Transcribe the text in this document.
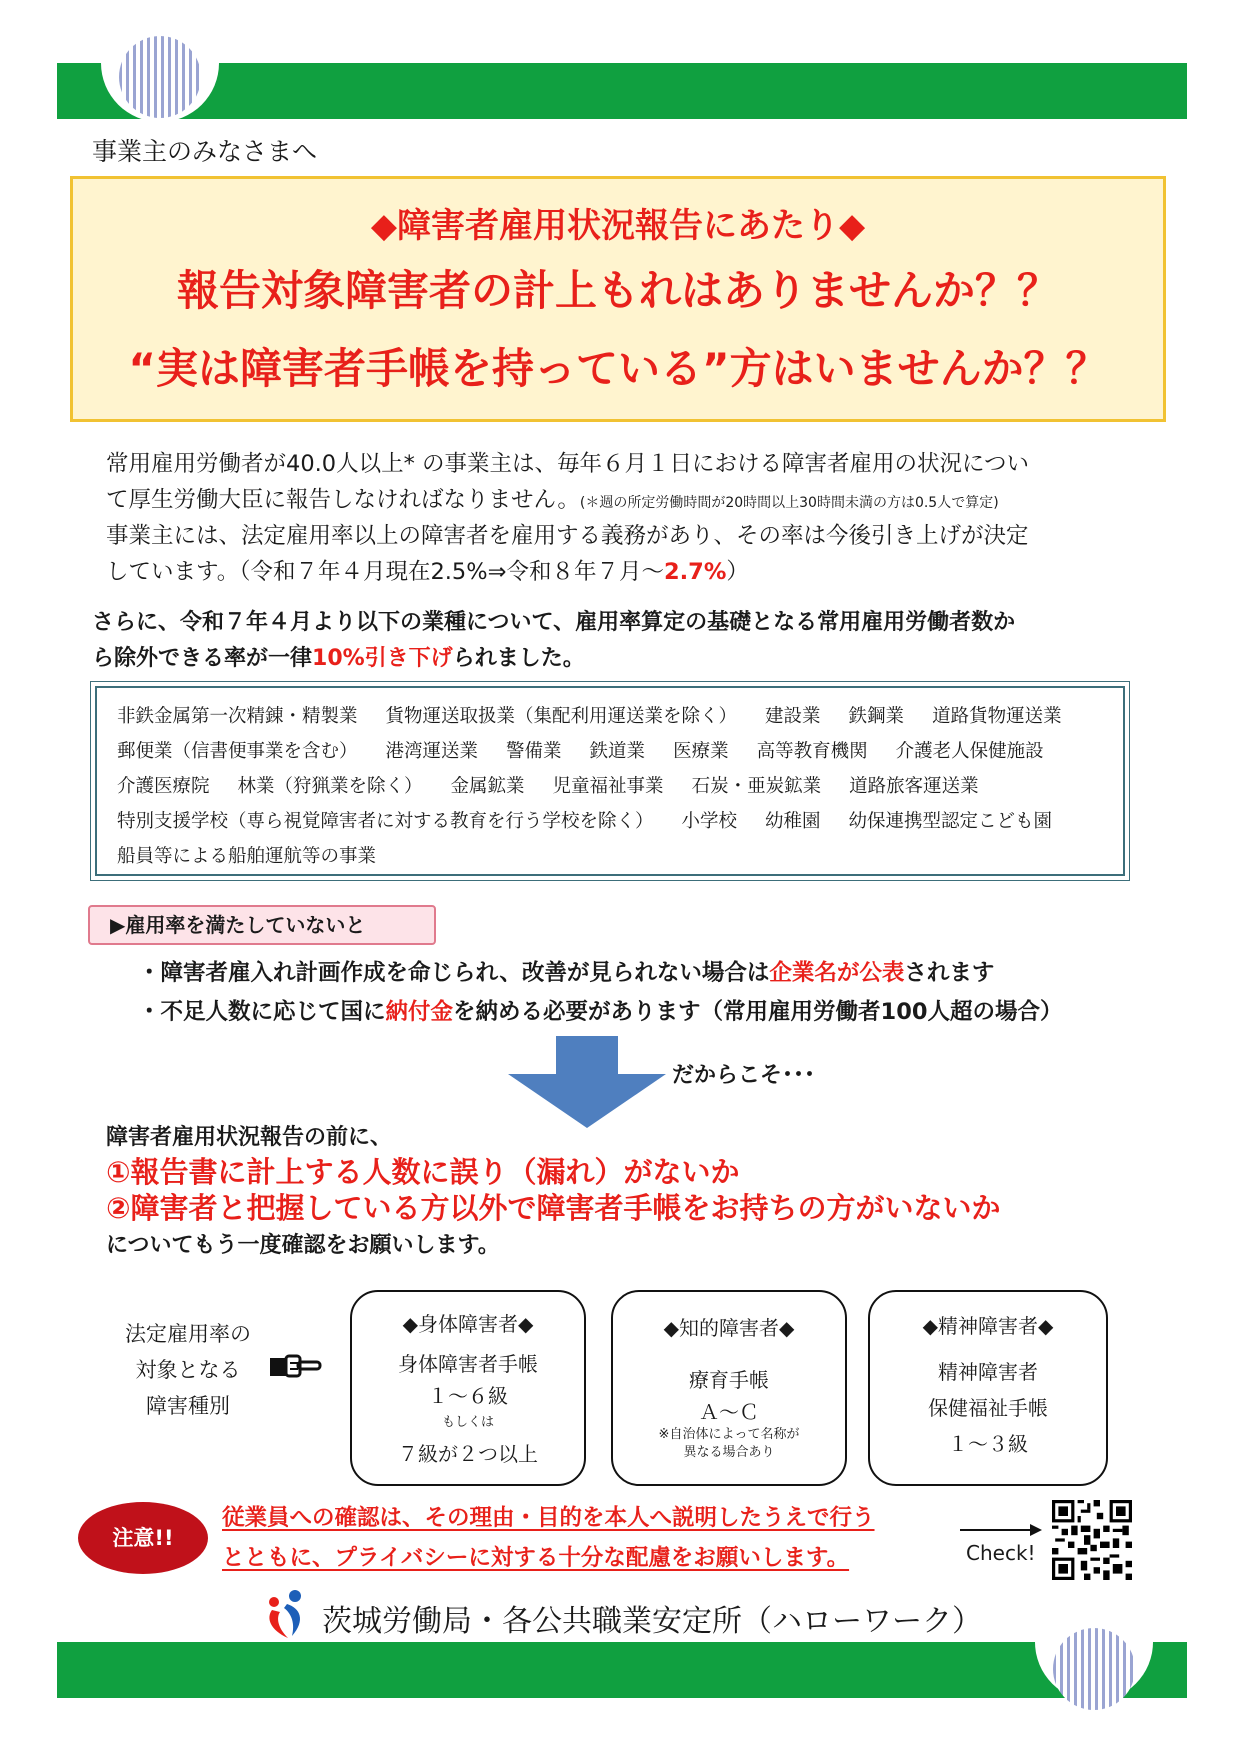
事業主のみなさまへ
◆障害者雇用状況報告にあたり◆
報告対象障害者の計上もれはありませんか？？
“実は障害者手帳を持っている”方はいませんか？？
常用雇用労働者が40.0人以上* の事業主は、毎年６月１日における障害者雇用の状況につい
て厚生労働大臣に報告しなければなりません。(＊週の所定労働時間が20時間以上30時間未満の方は0.5人で算定)
事業主には、法定雇用率以上の障害者を雇用する義務があり、その率は今後引き上げが決定
しています。（令和７年４月現在2.5%⇒令和８年７月～2.7%）
さらに、令和７年４月より以下の業種について、雇用率算定の基礎となる常用雇用労働者数か
ら除外できる率が一律10%引き下げられました。
非鉄金属第一次精錬・精製業 貨物運送取扱業（集配利用運送業を除く） 建設業 鉄鋼業 道路貨物運送業
郵便業（信書便事業を含む） 港湾運送業 警備業 鉄道業 医療業 高等教育機関 介護老人保健施設
介護医療院 林業（狩猟業を除く） 金属鉱業 児童福祉事業 石炭・亜炭鉱業 道路旅客運送業
特別支援学校（専ら視覚障害者に対する教育を行う学校を除く） 小学校 幼稚園 幼保連携型認定こども園
船員等による船舶運航等の事業
▶雇用率を満たしていないと
・障害者雇入れ計画作成を命じられ、改善が見られない場合は企業名が公表されます
・不足人数に応じて国に納付金を納める必要があります（常用雇用労働者100人超の場合）
だからこそ･･･
障害者雇用状況報告の前に、
①報告書に計上する人数に誤り（漏れ）がないか
②障害者と把握している方以外で障害者手帳をお持ちの方がいないか
についてもう一度確認をお願いします。
法定雇用率の
対象となる
障害種別
◆身体障害者◆
身体障害者手帳
１～６級
もしくは
７級が２つ以上
◆知的障害者◆
療育手帳
Ａ～Ｃ
※自治体によって名称が
異なる場合あり
◆精神障害者◆
精神障害者
保健福祉手帳
１～３級
注意!!
従業員への確認は、その理由・目的を本人へ説明したうえで行う
とともに、プライバシーに対する十分な配慮をお願いします。	Check!
茨城労働局・各公共職業安定所（ハローワーク）
